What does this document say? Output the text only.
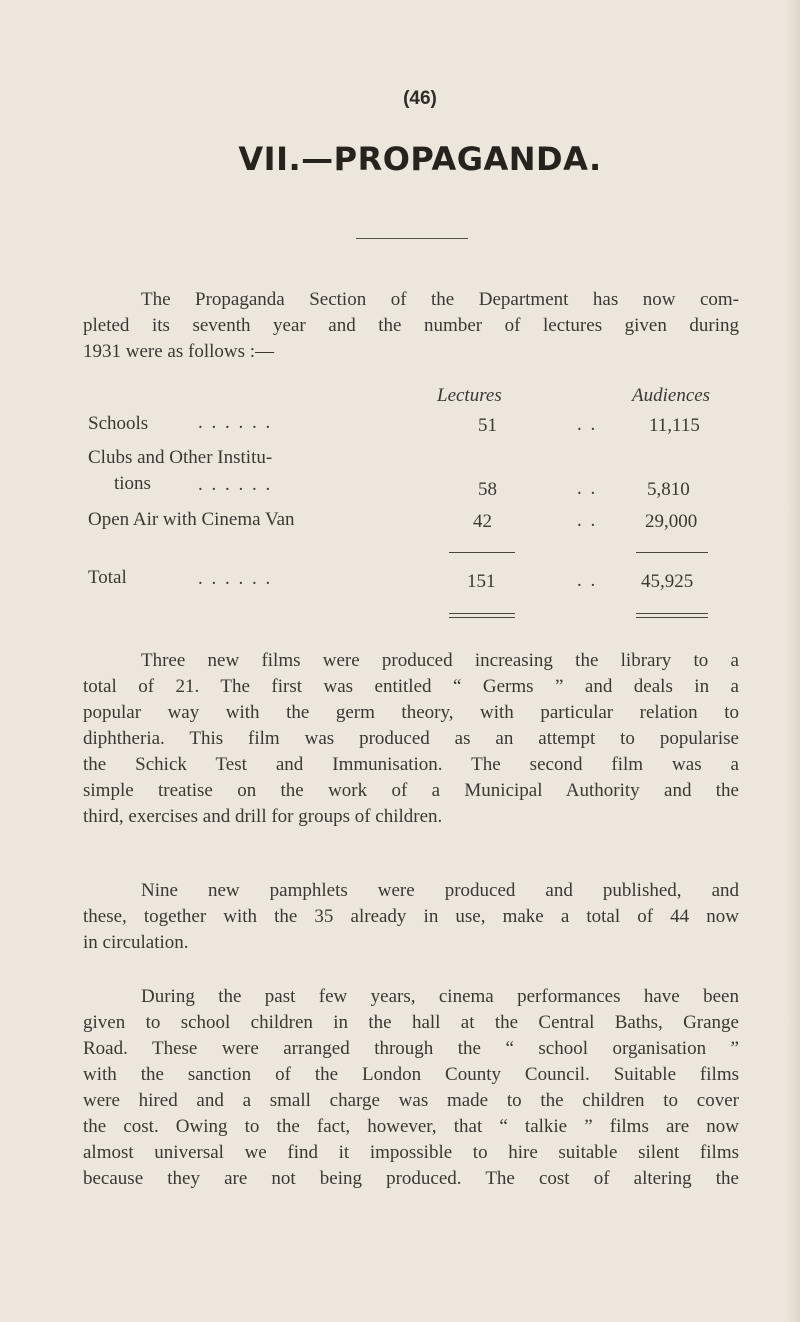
(46)
VII.—PROPAGANDA.
The Propaganda Section of the Department has now com-
pleted its seventh year and the number of lectures given during
1931 were as follows :—
Lectures	Audiences
Schools	. . . . . .	51	. .	11,115
Clubs and Other Institu-
tions . . . . . .	58	. .	5,810
Open Air with Cinema Van	42	. .	29,000
Total	. . . . . .	151	. . 45,925
Three new films were produced increasing the library to a
total of 21. The first was entitled “ Germs ” and deals in a
popular way with the germ theory, with particular relation to
diphtheria. This film was produced as an attempt to popularise
the Schick Test and Immunisation. The second film was a
simple treatise on the work of a Municipal Authority and the
third, exercises and drill for groups of children.
Nine new pamphlets were produced and published, and
these, together with the 35 already in use, make a total of 44 now
in circulation.
During the past few years, cinema performances have been
given to school children in the hall at the Central Baths, Grange
Road. These were arranged through the “ school organisation ”
with the sanction of the London County Council. Suitable films
were hired and a small charge was made to the children to cover
the cost. Owing to the fact, however, that “ talkie ” films are now
almost universal we find it impossible to hire suitable silent films
because they are not being produced. The cost of altering the
